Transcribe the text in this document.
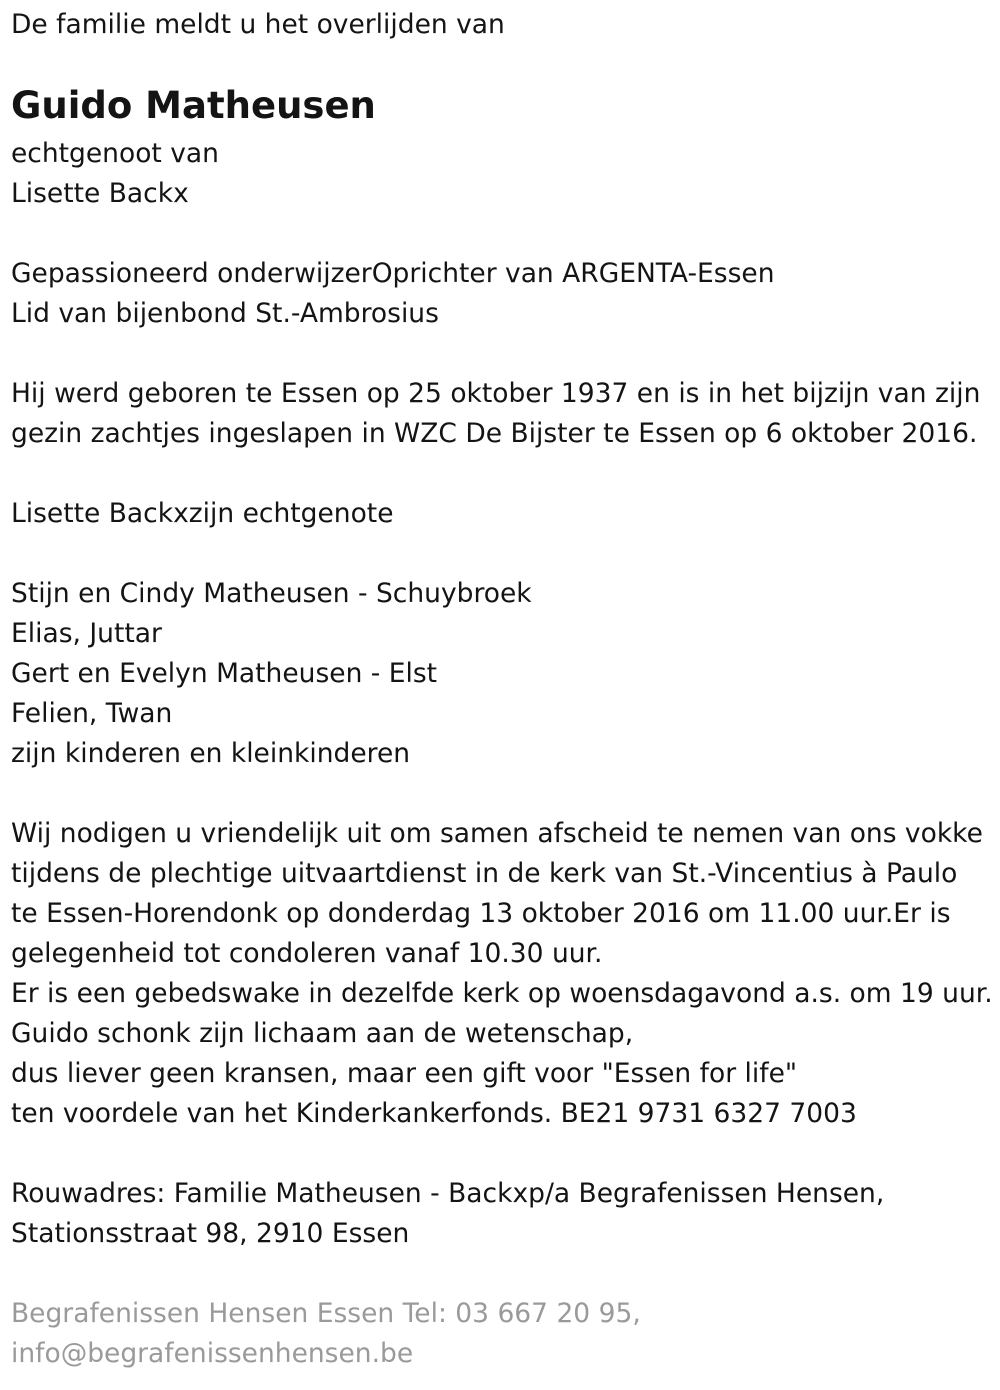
De familie meldt u het overlijden van
Guido Matheusen
echtgenoot van
Lisette Backx
Gepassioneerd onderwijzerOprichter van ARGENTA-Essen
Lid van bijenbond St.-Ambrosius
Hij werd geboren te Essen op 25 oktober 1937 en is in het bijzijn van zijn
gezin zachtjes ingeslapen in WZC De Bijster te Essen op 6 oktober 2016.
Lisette Backxzijn echtgenote
Stijn en Cindy Matheusen - Schuybroek
Elias, Juttar
Gert en Evelyn Matheusen - Elst
Felien, Twan
zijn kinderen en kleinkinderen
Wij nodigen u vriendelijk uit om samen afscheid te nemen van ons vokke
tijdens de plechtige uitvaartdienst in de kerk van St.-Vincentius à Paulo
te Essen-Horendonk op donderdag 13 oktober 2016 om 11.00 uur.Er is
gelegenheid tot condoleren vanaf 10.30 uur.
Er is een gebedswake in dezelfde kerk op woensdagavond a.s. om 19 uur.
Guido schonk zijn lichaam aan de wetenschap,
dus liever geen kransen, maar een gift voor "Essen for life"
ten voordele van het Kinderkankerfonds. BE21 9731 6327 7003
Rouwadres: Familie Matheusen - Backxp/a Begrafenissen Hensen,
Stationsstraat 98, 2910 Essen
Begrafenissen Hensen Essen Tel: 03 667 20 95,
info@begrafenissenhensen.be
